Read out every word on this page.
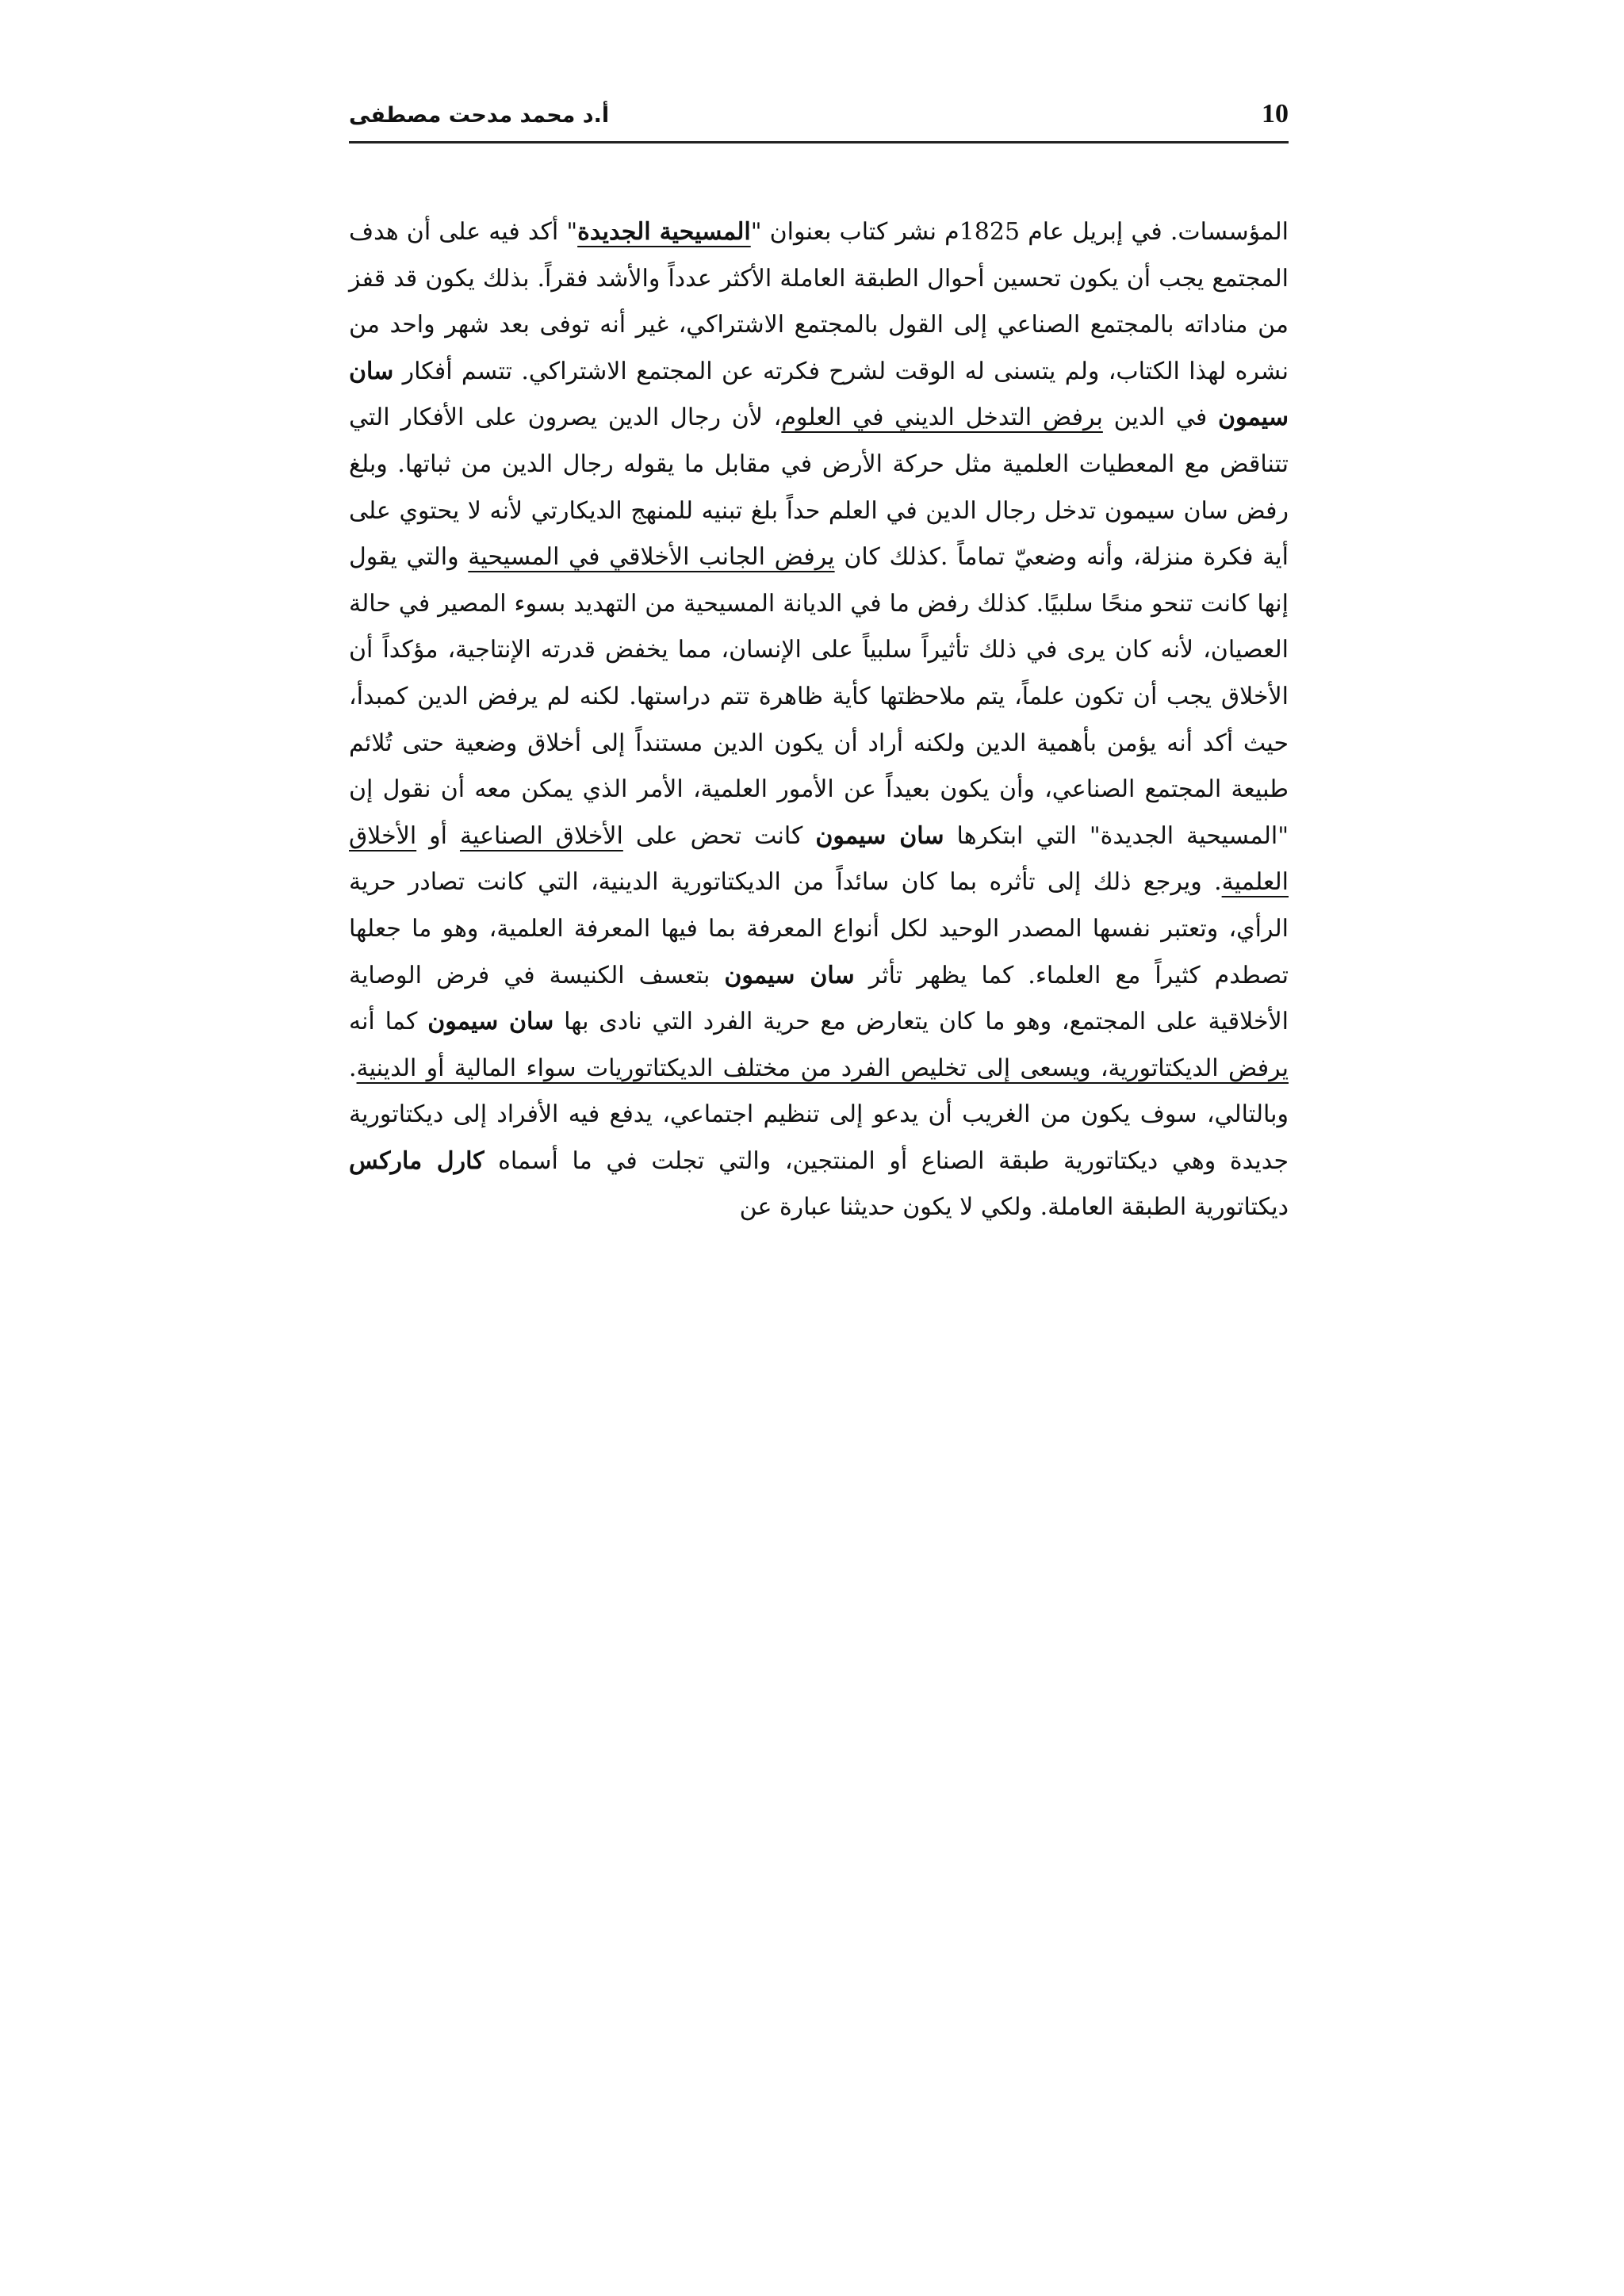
أ.د محمد مدحت مصطفى	10

المؤسسات. في إبريل عام 1825م نشر كتاب بعنوان "المسيحية الجديدة" أكد فيه على أن هدف المجتمع يجب أن يكون تحسين أحوال الطبقة العاملة الأكثر عدداً والأشد فقراً. بذلك يكون قد قفز من مناداته بالمجتمع الصناعي إلى القول بالمجتمع الاشتراكي، غير أنه توفى بعد شهر واحد من نشره لهذا الكتاب، ولم يتسنى له الوقت لشرح فكرته عن المجتمع الاشتراكي. تتسم أفكار سان سيمون في الدين برفض التدخل الديني في العلوم، لأن رجال الدين يصرون على الأفكار التي تتناقض مع المعطيات العلمية مثل حركة الأرض في مقابل ما يقوله رجال الدين من ثباتها. وبلغ رفض سان سيمون تدخل رجال الدين في العلم حداً بلغ تبنيه للمنهج الديكارتي لأنه لا يحتوي على أية فكرة منزلة، وأنه وضعيّ تماماً .كذلك كان يرفض الجانب الأخلاقي في المسيحية والتي يقول إنها كانت تنحو منحًا سلبيًا. كذلك رفض ما في الديانة المسيحية من التهديد بسوء المصير في حالة العصيان، لأنه كان يرى في ذلك تأثيراً سلبياً على الإنسان، مما يخفض قدرته الإنتاجية، مؤكداً أن الأخلاق يجب أن تكون علماً، يتم ملاحظتها كأية ظاهرة تتم دراستها. لكنه لم يرفض الدين كمبدأ، حيث أكد أنه يؤمن بأهمية الدين ولكنه أراد أن يكون الدين مستنداً إلى أخلاق وضعية حتى تُلائم طبيعة المجتمع الصناعي، وأن يكون بعيداً عن الأمور العلمية، الأمر الذي يمكن معه أن نقول إن "المسيحية الجديدة" التي ابتكرها سان سيمون كانت تحض على الأخلاق الصناعية أو الأخلاق العلمية. ويرجع ذلك إلى تأثره بما كان سائداً من الديكتاتورية الدينية، التي كانت تصادر حرية الرأي، وتعتبر نفسها المصدر الوحيد لكل أنواع المعرفة بما فيها المعرفة العلمية، وهو ما جعلها تصطدم كثيراً مع العلماء. كما يظهر تأثر سان سيمون بتعسف الكنيسة في فرض الوصاية الأخلاقية على المجتمع، وهو ما كان يتعارض مع حرية الفرد التي نادى بها سان سيمون كما أنه يرفض الديكتاتورية، ويسعى إلى تخليص الفرد من مختلف الديكتاتوريات سواء المالية أو الدينية. وبالتالي، سوف يكون من الغريب أن يدعو إلى تنظيم اجتماعي، يدفع فيه الأفراد إلى ديكتاتورية جديدة وهي ديكتاتورية طبقة الصناع أو المنتجين، والتي تجلت في ما أسماه كارل ماركس ديكتاتورية الطبقة العاملة. ولكي لا يكون حديثنا عبارة عن
